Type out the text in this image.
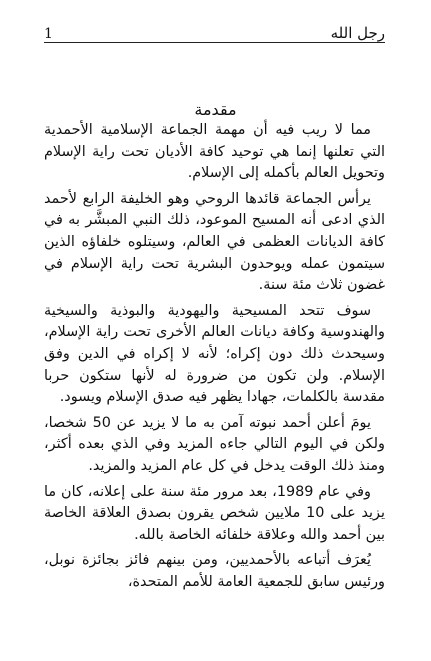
1	رجل الله
مقدمة

مما لا ريب فيه أن مهمة الجماعة الإسلامية الأحمدية التي تعلنها إنما هي توحيد كافة الأديان تحت راية الإسلام وتحويل العالم بأكمله إلى الإسلام.

يرأس الجماعة قائدها الروحي وهو الخليفة الرابع لأحمد الذي ادعى أنه المسيح الموعود، ذلك النبي المبشَّر به في كافة الديانات العظمى في العالم، وسيتلوه خلفاؤه الذين سيتمون عمله ويوحدون البشرية تحت راية الإسلام في غضون ثلاث مئة سنة.

سوف تتحد المسيحية واليهودية والبوذية والسيخية والهندوسية وكافة ديانات العالم الأخرى تحت راية الإسلام، وسيحدث ذلك دون إكراه؛ لأنه لا إكراه في الدين وفق الإسلام. ولن تكون من ضرورة له لأنها ستكون حربا مقدسة بالكلمات، جهادا يظهر فيه صدق الإسلام ويسود.

يومَ أعلن أحمد نبوته آمن به ما لا يزيد عن 50 شخصا، ولكن في اليوم التالي جاءه المزيد وفي الذي بعده أكثر، ومنذ ذلك الوقت يدخل في كل عام المزيد والمزيد.

وفي عام 1989، بعد مرور مئة سنة على إعلانه، كان ما يزيد على 10 ملايين شخص يقرون بصدق العلاقة الخاصة بين أحمد والله وعلاقة خلفائه الخاصة بالله.

يُعرَف أتباعه بالأحمديين، ومن بينهم فائز بجائزة نوبل، ورئيس سابق للجمعية العامة للأمم المتحدة،
